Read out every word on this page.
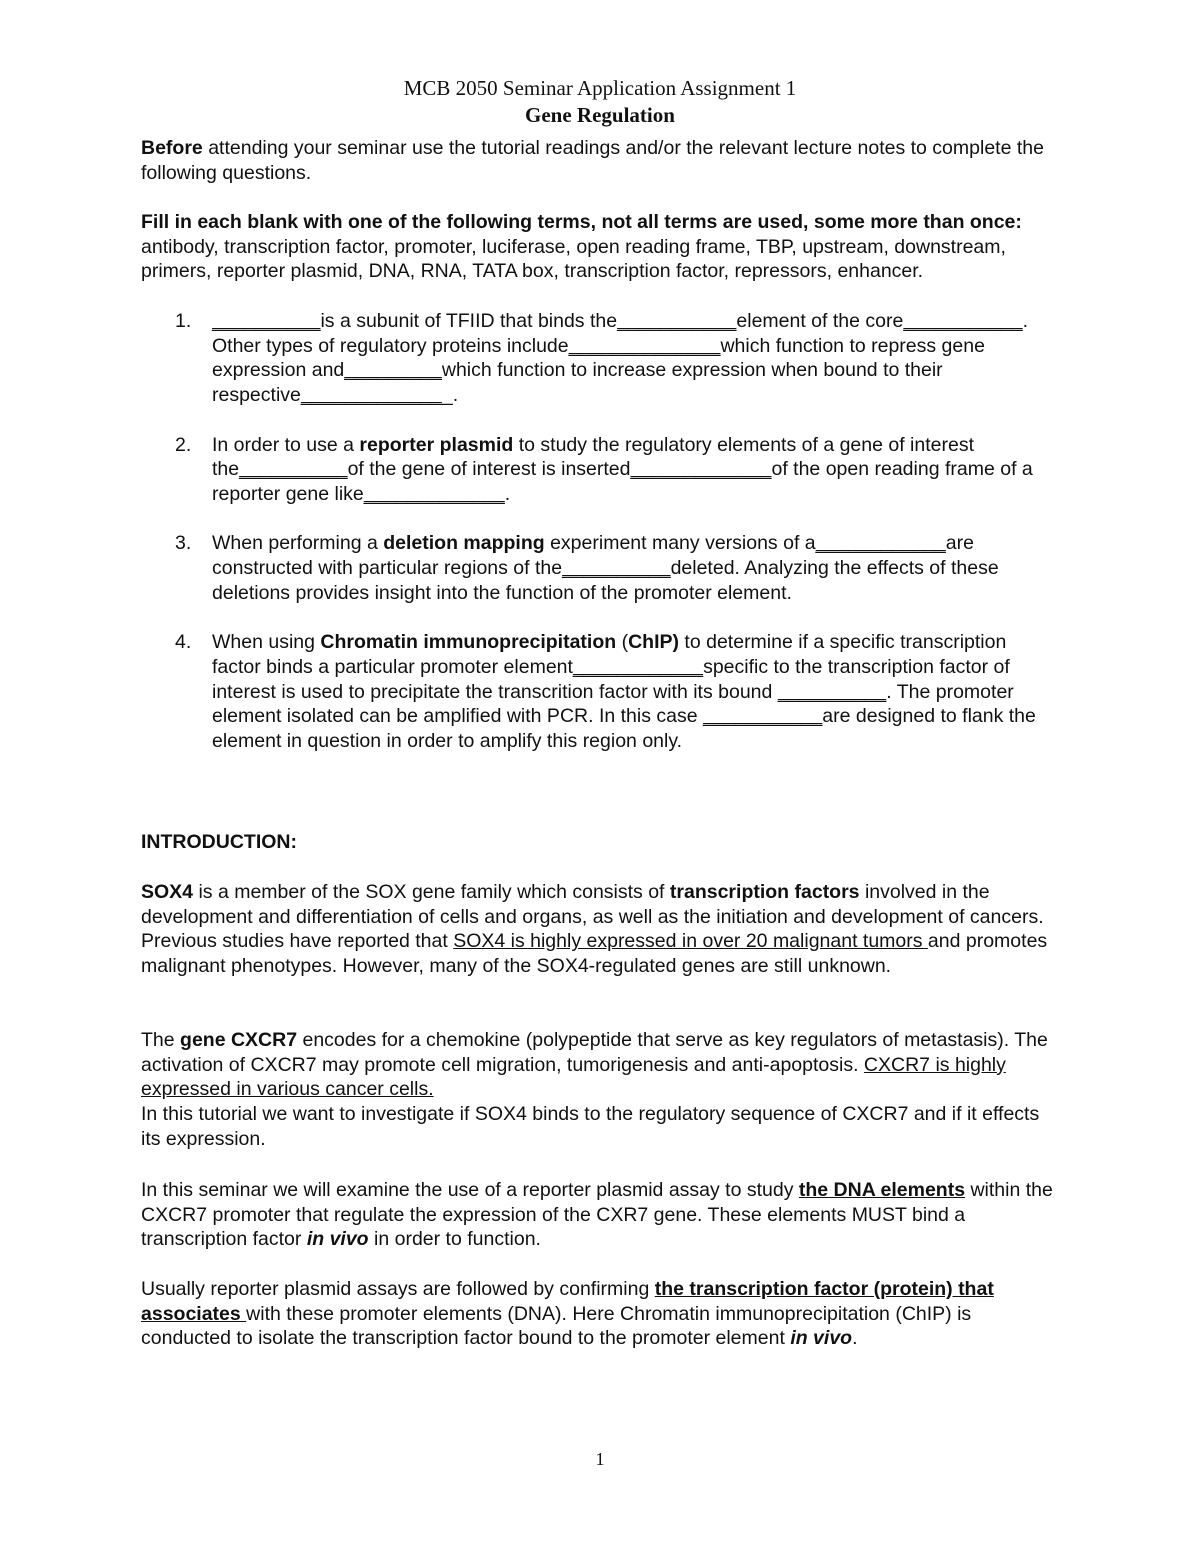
MCB 2050 Seminar Application Assignment 1
Gene Regulation
Before attending your seminar use the tutorial readings and/or the relevant lecture notes to complete the following questions.
Fill in each blank with one of the following terms, not all terms are used, some more than once: antibody, transcription factor, promoter, luciferase, open reading frame, TBP, upstream, downstream, primers, reporter plasmid, DNA, RNA, TATA box, transcription factor, repressors, enhancer.
1. __________is a subunit of TFIID that binds the___________element of the core___________. Other types of regulatory proteins include______________which function to repress gene expression and_________which function to increase expression when bound to their respective______________.
2. In order to use a reporter plasmid to study the regulatory elements of a gene of interest the__________of the gene of interest is inserted_____________of the open reading frame of a reporter gene like_____________.
3. When performing a deletion mapping experiment many versions of a____________are constructed with particular regions of the__________deleted. Analyzing the effects of these deletions provides insight into the function of the promoter element.
4. When using Chromatin immunoprecipitation (ChIP) to determine if a specific transcription factor binds a particular promoter element____________specific to the transcription factor of interest is used to precipitate the transcrition factor with its bound __________. The promoter element isolated can be amplified with PCR. In this case ___________are designed to flank the element in question in order to amplify this region only.
INTRODUCTION:
SOX4 is a member of the SOX gene family which consists of transcription factors involved in the development and differentiation of cells and organs, as well as the initiation and development of cancers. Previous studies have reported that SOX4 is highly expressed in over 20 malignant tumors and promotes malignant phenotypes. However, many of the SOX4-regulated genes are still unknown.
The gene CXCR7 encodes for a chemokine (polypeptide that serve as key regulators of metastasis). The activation of CXCR7 may promote cell migration, tumorigenesis and anti-apoptosis. CXCR7 is highly expressed in various cancer cells.
In this tutorial we want to investigate if SOX4 binds to the regulatory sequence of CXCR7 and if it effects its expression.
In this seminar we will examine the use of a reporter plasmid assay to study the DNA elements within the CXCR7 promoter that regulate the expression of the CXR7 gene. These elements MUST bind a transcription factor in vivo in order to function.
Usually reporter plasmid assays are followed by confirming the transcription factor (protein) that associates with these promoter elements (DNA). Here Chromatin immunoprecipitation (ChIP) is conducted to isolate the transcription factor bound to the promoter element in vivo.
1
